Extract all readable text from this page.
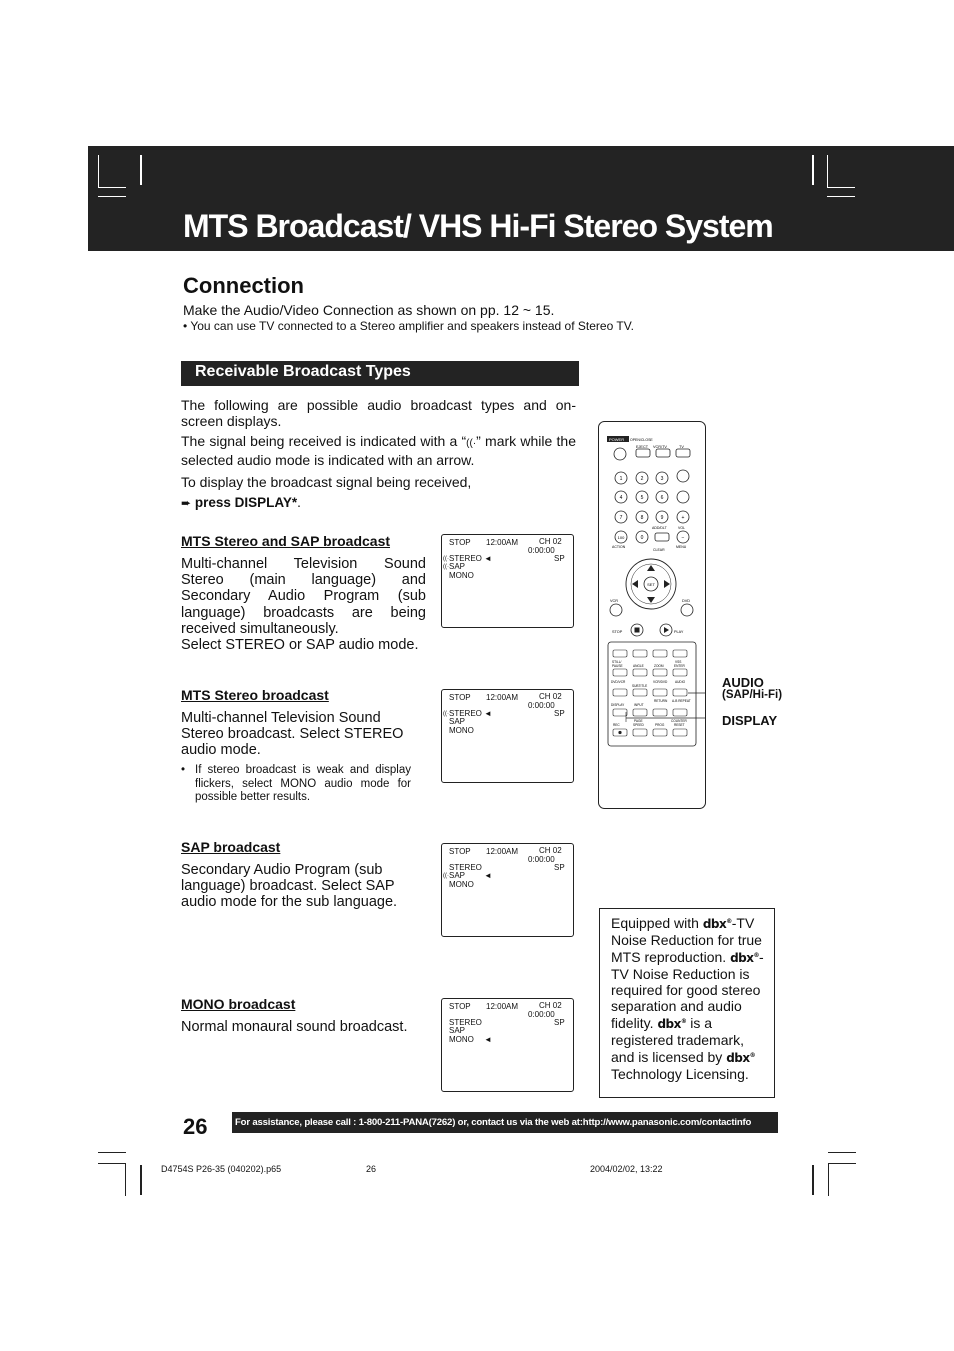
MTS Broadcast/ VHS Hi-Fi Stereo System
Connection
Make the Audio/Video Connection as shown on pp. 12 ~ 15.
• You can use TV connected to a Stereo amplifier and speakers instead of Stereo TV.
Receivable Broadcast Types
The following are possible audio broadcast types and on-screen displays.
The signal being received is indicated with a “((·” mark while the selected audio mode is indicated with an arrow.
To display the broadcast signal being received,
➨ press DISPLAY*.
MTS Stereo and SAP broadcast
Multi-channel Television Sound Stereo (main language) and Secondary Audio Program (sub language) broadcasts are being received simultaneously.
Select STEREO or SAP audio mode.
STOP 12:00AM	CH 02
0:00:00
SP
((· STEREO ◄
((· SAP
MONO
MTS Stereo broadcast
Multi-channel Television Sound Stereo broadcast. Select STEREO audio mode.
• If stereo broadcast is weak and display flickers, select MONO audio mode for possible better results.
STOP 12:00AM	CH 02
0:00:00
SP
((· STEREO ◄
SAP
MONO
SAP broadcast
Secondary Audio Program (sub language) broadcast. Select SAP audio mode for the sub language.
STOP 12:00AM	CH 02
0:00:00
SP
STEREO
((· SAP ◄
MONO
MONO broadcast
Normal monaural sound broadcast.
STOP 12:00AM	CH 02
0:00:00
SP
STEREO
SAP
MONO ◄
POWER OPEN/CLOSE
EJECT VCR/TV	TV
1	2	3
4	5	6
7	8	9
100	0
+
−
ADD/DLT	VOL
ACTION
CLEAR
MENU
SET
VCR	DVD
STOP	PLAY
STILL/
PAUSE	ANGLE	ZOOM
VSS
ENTER
DVD/VCR
SUBTITLE
VCR/DVD AUDIO
DISPLAY	INPUT
RETURN A-B REPEAT
REC
PAGE
SPEED	PROG
COUNTER
RESET
AUDIO
(SAP/Hi-Fi)
DISPLAY
Equipped with dbx®-TV Noise Reduction for true MTS reproduction. dbx®-TV Noise Reduction is required for good stereo separation and audio fidelity. dbx® is a registered trademark, and is licensed by dbx® Technology Licensing.
26	For assistance, please call : 1-800-211-PANA(7262) or, contact us via the web at:http://www.panasonic.com/contactinfo
D4754S P26-35 (040202).p65	26	2004/02/02, 13:22
